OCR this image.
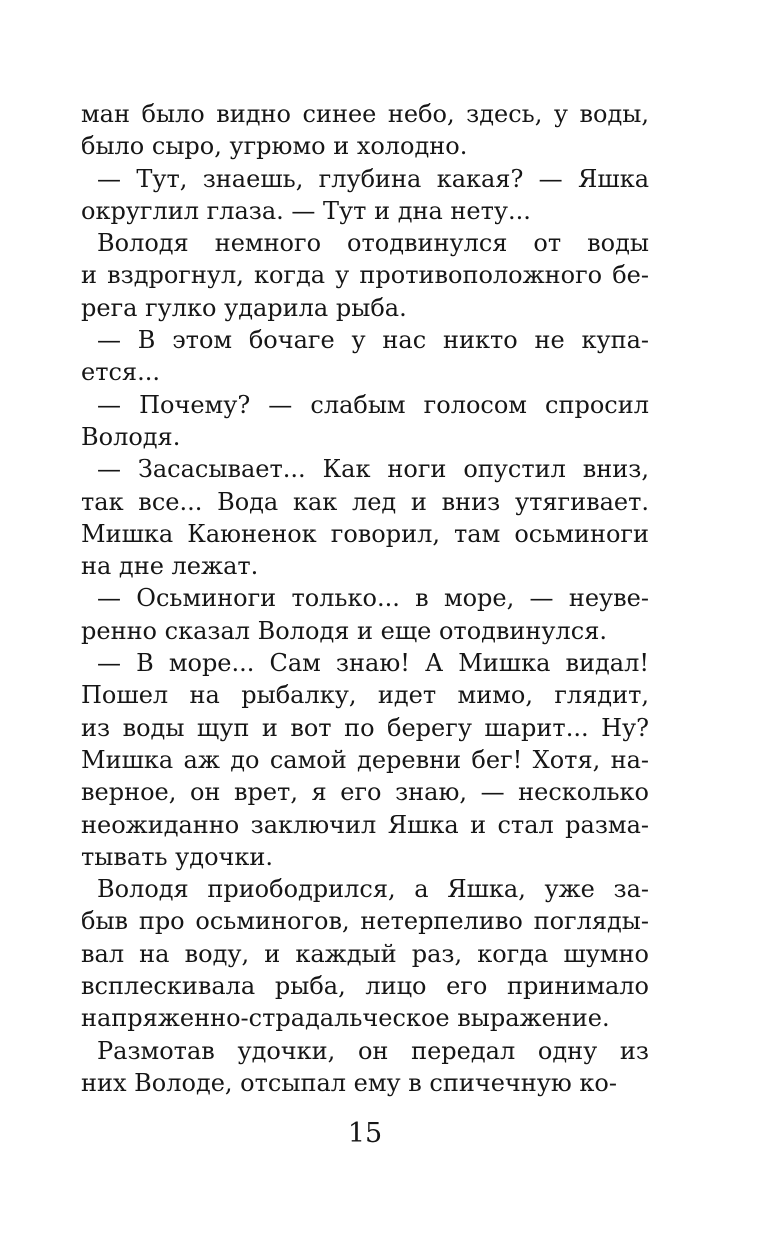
ман было видно синее небо, здесь, у воды,
было сыро, угрюмо и холодно.

— Тут, знаешь, глубина какая? — Яшка
округлил глаза. — Тут и дна нету...

Володя немного отодвинулся от воды
и вздрогнул, когда у противоположного бе-
рега гулко ударила рыба.

— В этом бочаге у нас никто не купа-
ется...

— Почему? — слабым голосом спросил
Володя.

— Засасывает... Как ноги опустил вниз,
так все... Вода как лед и вниз утягивает.
Мишка Каюненок говорил, там осьминоги
на дне лежат.

— Осьминоги только... в море, — неуве-
ренно сказал Володя и еще отодвинулся.

— В море... Сам знаю! А Мишка видал!
Пошел на рыбалку, идет мимо, глядит,
из воды щуп и вот по берегу шарит... Ну?
Мишка аж до самой деревни бег! Хотя, на-
верное, он врет, я его знаю, — несколько
неожиданно заключил Яшка и стал разма-
тывать удочки.

Володя приободрился, а Яшка, уже за-
быв про осьминогов, нетерпеливо погляды-
вал на воду, и каждый раз, когда шумно
всплескивала рыба, лицо его принимало
напряженно-страдальческое выражение.

Размотав удочки, он передал одну из
них Володе, отсыпал ему в спичечную ко-

15
